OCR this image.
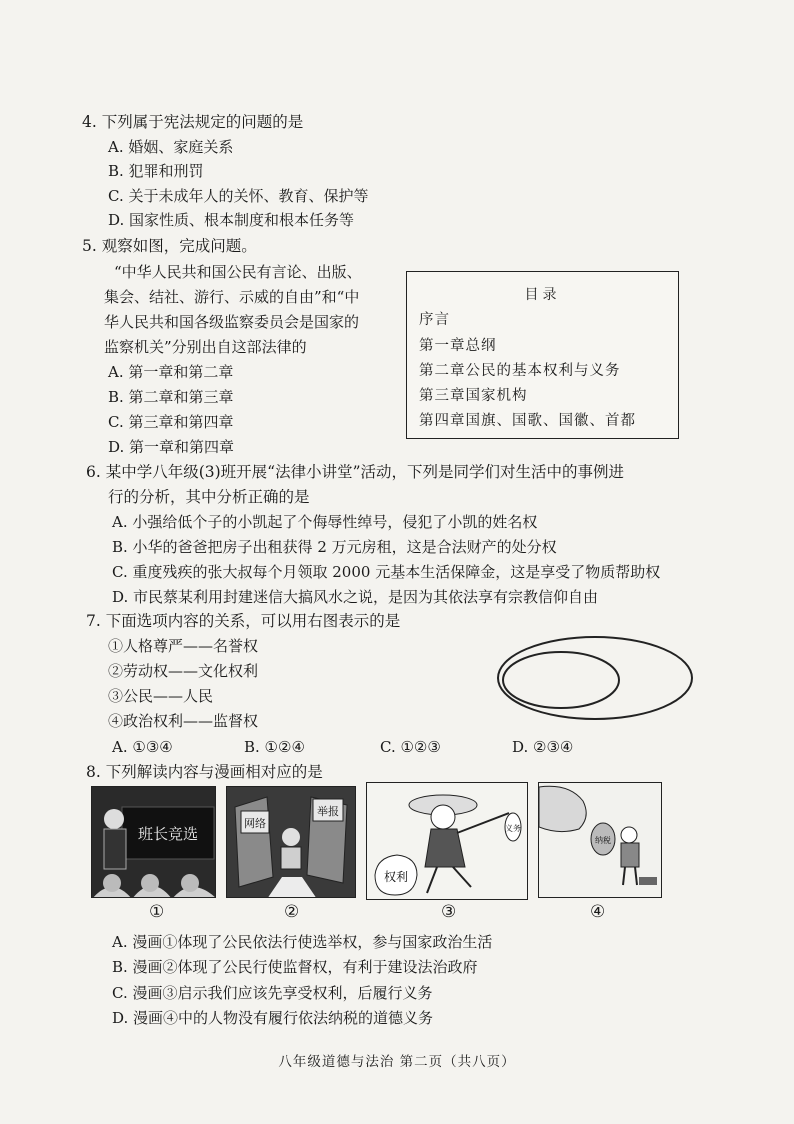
4. 下列属于宪法规定的问题的是
A. 婚姻、家庭关系
B. 犯罪和刑罚
C. 关于未成年人的关怀、教育、保护等
D. 国家性质、根本制度和根本任务等
5. 观察如图，完成问题。
“中华人民共和国公民有言论、出版、
集会、结社、游行、示威的自由”和“中
华人民共和国各级监察委员会是国家的
监察机关”分别出自这部法律的
A. 第一章和第二章
B. 第二章和第三章
C. 第三章和第四章
D. 第一章和第四章
目录
序言
第一章总纲
第二章公民的基本权利与义务
第三章国家机构
第四章国旗、国歌、国徽、首都
6. 某中学八年级(3)班开展“法律小讲堂”活动，下列是同学们对生活中的事例进
行的分析，其中分析正确的是
A. 小强给低个子的小凯起了个侮辱性绰号，侵犯了小凯的姓名权
B. 小华的爸爸把房子出租获得 2 万元房租，这是合法财产的处分权
C. 重度残疾的张大叔每个月领取 2000 元基本生活保障金，这是享受了物质帮助权
D. 市民蔡某利用封建迷信大搞风水之说，是因为其依法享有宗教信仰自由
7. 下面选项内容的关系，可以用右图表示的是
①人格尊严——名誉权
②劳动权——文化权利
③公民——人民
④政治权利——监督权
A. ①③④	B. ①②④	C. ①②③	D. ②③④
8. 下列解读内容与漫画相对应的是
班长竞选
①
网络
举报
②
义务
权利
③
纳税
④
A. 漫画①体现了公民依法行使选举权，参与国家政治生活
B. 漫画②体现了公民行使监督权，有利于建设法治政府
C. 漫画③启示我们应该先享受权利，后履行义务
D. 漫画④中的人物没有履行依法纳税的道德义务
八年级道德与法治 第二页（共八页）
